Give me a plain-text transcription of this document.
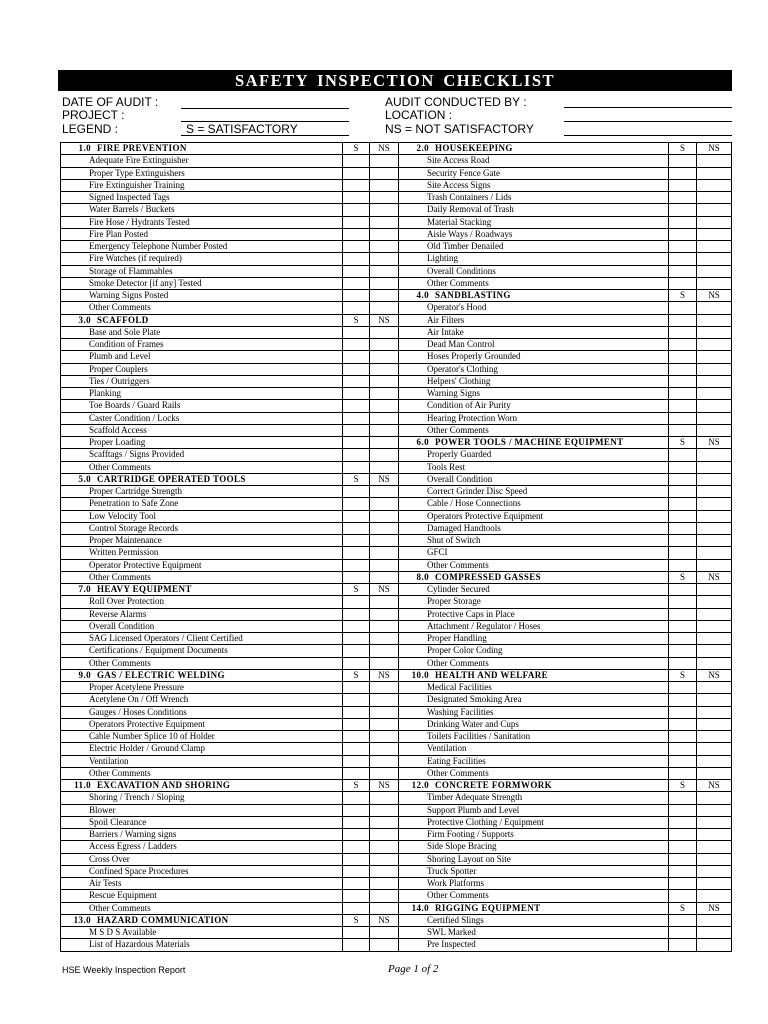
SAFETY INSPECTION CHECKLIST
DATE OF AUDIT :
PROJECT :
LEGEND :	S = SATISFACTORY
AUDIT CONDUCTED BY :
LOCATION :
NS = NOT SATISFACTORY
1.0 FIRE PREVENTION	S	NS
Adequate Fire Extinguisher		
Proper Type Extinguishers		
Fire Extinguisher Training		
Signed Inspected Tags		
Water Barrels / Buckets		
Fire Hose / Hydrants Tested		
Fire Plan Posted		
Emergency Telephone Number Posted		
Fire Watches (if required)		
Storage of Flammables		
Smoke Detector [if any] Tested		
Warning Signs Posted		
Other Comments		
3.0 SCAFFOLD	S	NS
Base and Sole Plate		
Condition of Frames		
Plumb and Level		
Proper Couplers		
Ties / Outriggers		
Planking		
Toe Boards / Guard Rails		
Caster Condition / Locks		
Scaffold Access		
Proper Loading		
Scafftags / Signs Provided		
Other Comments		
5.0 CARTRIDGE OPERATED TOOLS	S	NS
Proper Cartridge Strength		
Penetration to Safe Zone		
Low Velocity Tool		
Control Storage Records		
Proper Maintenance		
Written Permission		
Operator Protective Equipment		
Other Comments		
7.0 HEAVY EQUIPMENT	S	NS
Roll Over Protection		
Reverse Alarms		
Overall Condition		
SAG Licensed Operators / Client Certified		
Certifications / Equipment Documents		
Other Comments		
9.0 GAS / ELECTRIC WELDING	S	NS
Proper Acetylene Pressure		
Acetylene On / Off Wrench		
Gauges / Hoses Conditions		
Operators Protective Equipment		
Cable Number Splice 10 of Holder		
Electric Holder / Ground Clamp		
Ventilation		
Other Comments		
11.0 EXCAVATION AND SHORING	S	NS
Shoring / Trench / Sloping		
Blower		
Spoil Clearance		
Barriers / Warning signs		
Access Egress / Ladders		
Cross Over		
Confined Space Procedures		
Air Tests		
Rescue Equipment		
Other Comments		
13.0 HAZARD COMMUNICATION	S	NS
M S D S Available		
List of Hazardous Materials		
2.0 HOUSEKEEPING	S	NS
Site Access Road		
Security Fence Gate		
Site Access Signs		
Trash Containers / Lids		
Daily Removal of Trash		
Material Stacking		
Aisle Ways / Roadways		
Old Timber Denailed		
Lighting		
Overall Conditions		
Other Comments		
4.0 SANDBLASTING	S	NS
Operator's Hood		
Air Filters		
Air Intake		
Dead Man Control		
Hoses Properly Grounded		
Operator's Clothing		
Helpers' Clothing		
Warning Signs		
Condition of Air Purity		
Hearing Protection Worn		
Other Comments		
6.0 POWER TOOLS / MACHINE EQUIPMENT	S	NS
Properly Guarded		
Tools Rest		
Overall Condition		
Correct Grinder Disc Speed		
Cable / Hose Connections		
Operators Protective Equipment		
Damaged Handtools		
Shut of Switch		
GFCI		
Other Comments		
8.0 COMPRESSED GASSES	S	NS
Cylinder Secured		
Proper Storage		
Protective Caps in Place		
Attachment / Regulator / Hoses		
Proper Handling		
Proper Color Coding		
Other Comments		
10.0 HEALTH AND WELFARE	S	NS
Medical Facilities		
Designated Smoking Area		
Washing Facilities		
Drinking Water and Cups		
Toilets Facilities / Sanitation		
Ventilation		
Eating Facilities		
Other Comments		
12.0 CONCRETE FORMWORK	S	NS
Timber Adequate Strength		
Support Plumb and Level		
Protective Clothing / Equipment		
Firm Footing / Supports		
Side Slope Bracing		
Shoring Layout on Site		
Truck Spotter		
Work Platforms		
Other Comments		
14.0 RIGGING EQUIPMENT	S	NS
Certified Slings		
SWL Marked		
Pre Inspected		
HSE Weekly Inspection Report	Page 1 of 2
